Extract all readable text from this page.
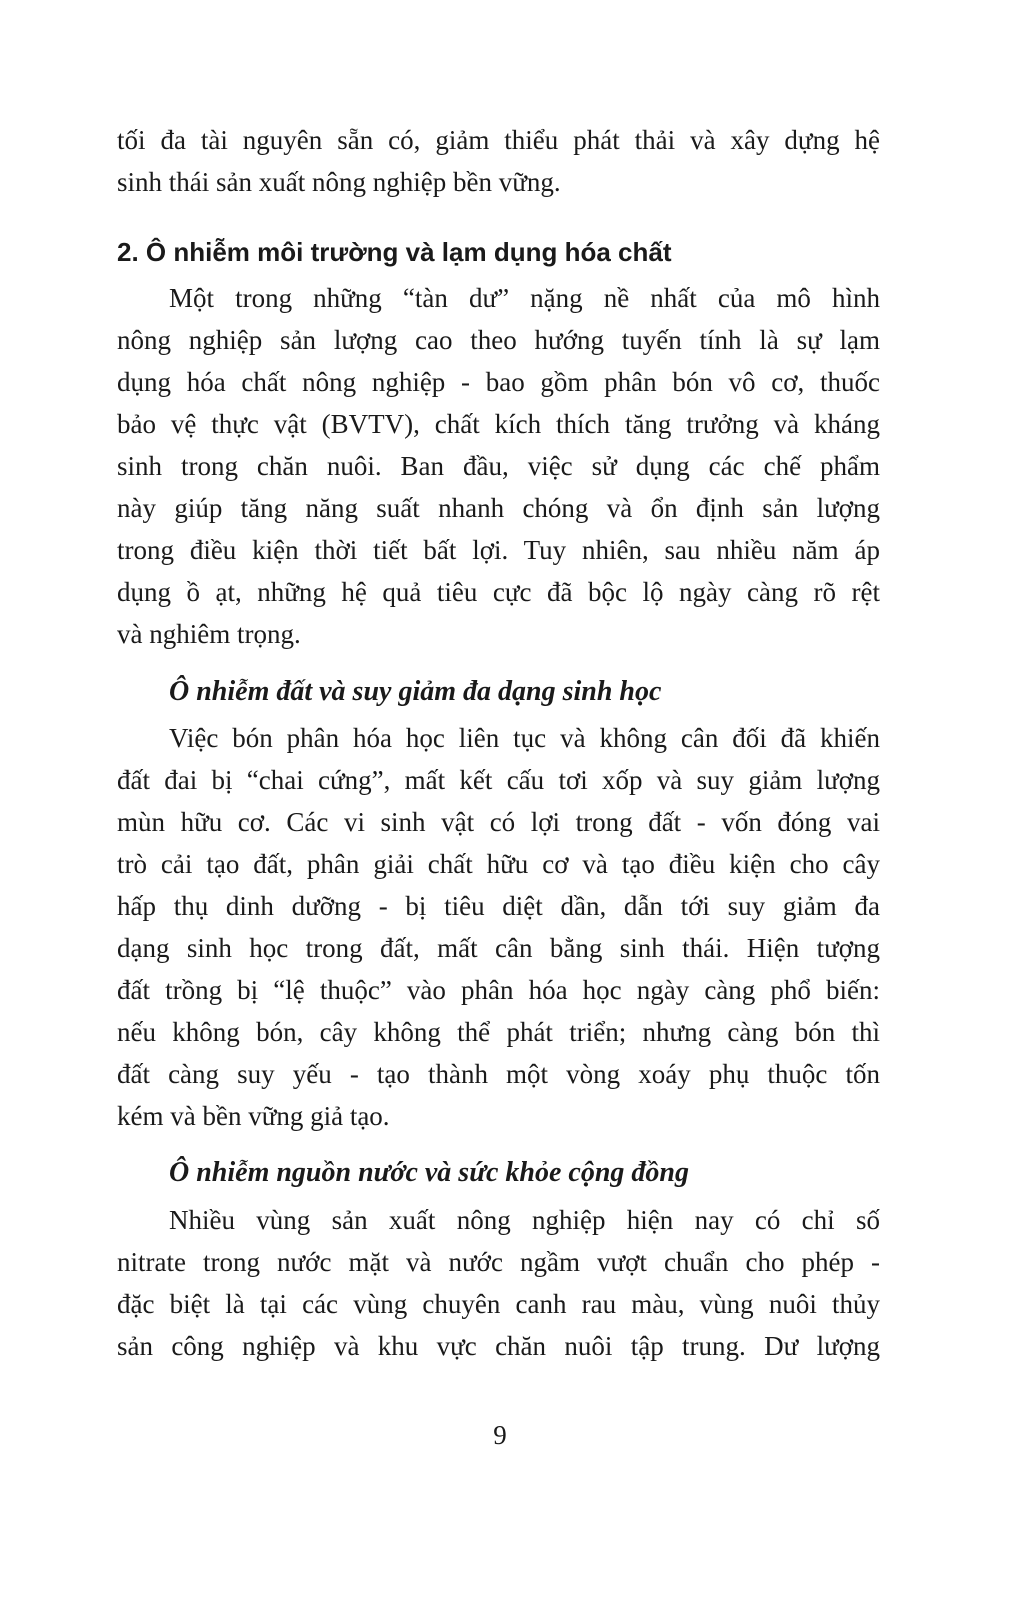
tối đa tài nguyên sẵn có, giảm thiểu phát thải và xây dựng hệ
sinh thái sản xuất nông nghiệp bền vững.
2. Ô nhiễm môi trường và lạm dụng hóa chất
Một trong những “tàn dư” nặng nề nhất của mô hình
nông nghiệp sản lượng cao theo hướng tuyến tính là sự lạm
dụng hóa chất nông nghiệp - bao gồm phân bón vô cơ, thuốc
bảo vệ thực vật (BVTV), chất kích thích tăng trưởng và kháng
sinh trong chăn nuôi. Ban đầu, việc sử dụng các chế phẩm
này giúp tăng năng suất nhanh chóng và ổn định sản lượng
trong điều kiện thời tiết bất lợi. Tuy nhiên, sau nhiều năm áp
dụng ồ ạt, những hệ quả tiêu cực đã bộc lộ ngày càng rõ rệt
và nghiêm trọng.
Ô nhiễm đất và suy giảm đa dạng sinh học
Việc bón phân hóa học liên tục và không cân đối đã khiến
đất đai bị “chai cứng”, mất kết cấu tơi xốp và suy giảm lượng
mùn hữu cơ. Các vi sinh vật có lợi trong đất - vốn đóng vai
trò cải tạo đất, phân giải chất hữu cơ và tạo điều kiện cho cây
hấp thụ dinh dưỡng - bị tiêu diệt dần, dẫn tới suy giảm đa
dạng sinh học trong đất, mất cân bằng sinh thái. Hiện tượng
đất trồng bị “lệ thuộc” vào phân hóa học ngày càng phổ biến:
nếu không bón, cây không thể phát triển; nhưng càng bón thì
đất càng suy yếu - tạo thành một vòng xoáy phụ thuộc tốn
kém và bền vững giả tạo.
Ô nhiễm nguồn nước và sức khỏe cộng đồng
Nhiều vùng sản xuất nông nghiệp hiện nay có chỉ số
nitrate trong nước mặt và nước ngầm vượt chuẩn cho phép -
đặc biệt là tại các vùng chuyên canh rau màu, vùng nuôi thủy
sản công nghiệp và khu vực chăn nuôi tập trung. Dư lượng
9
